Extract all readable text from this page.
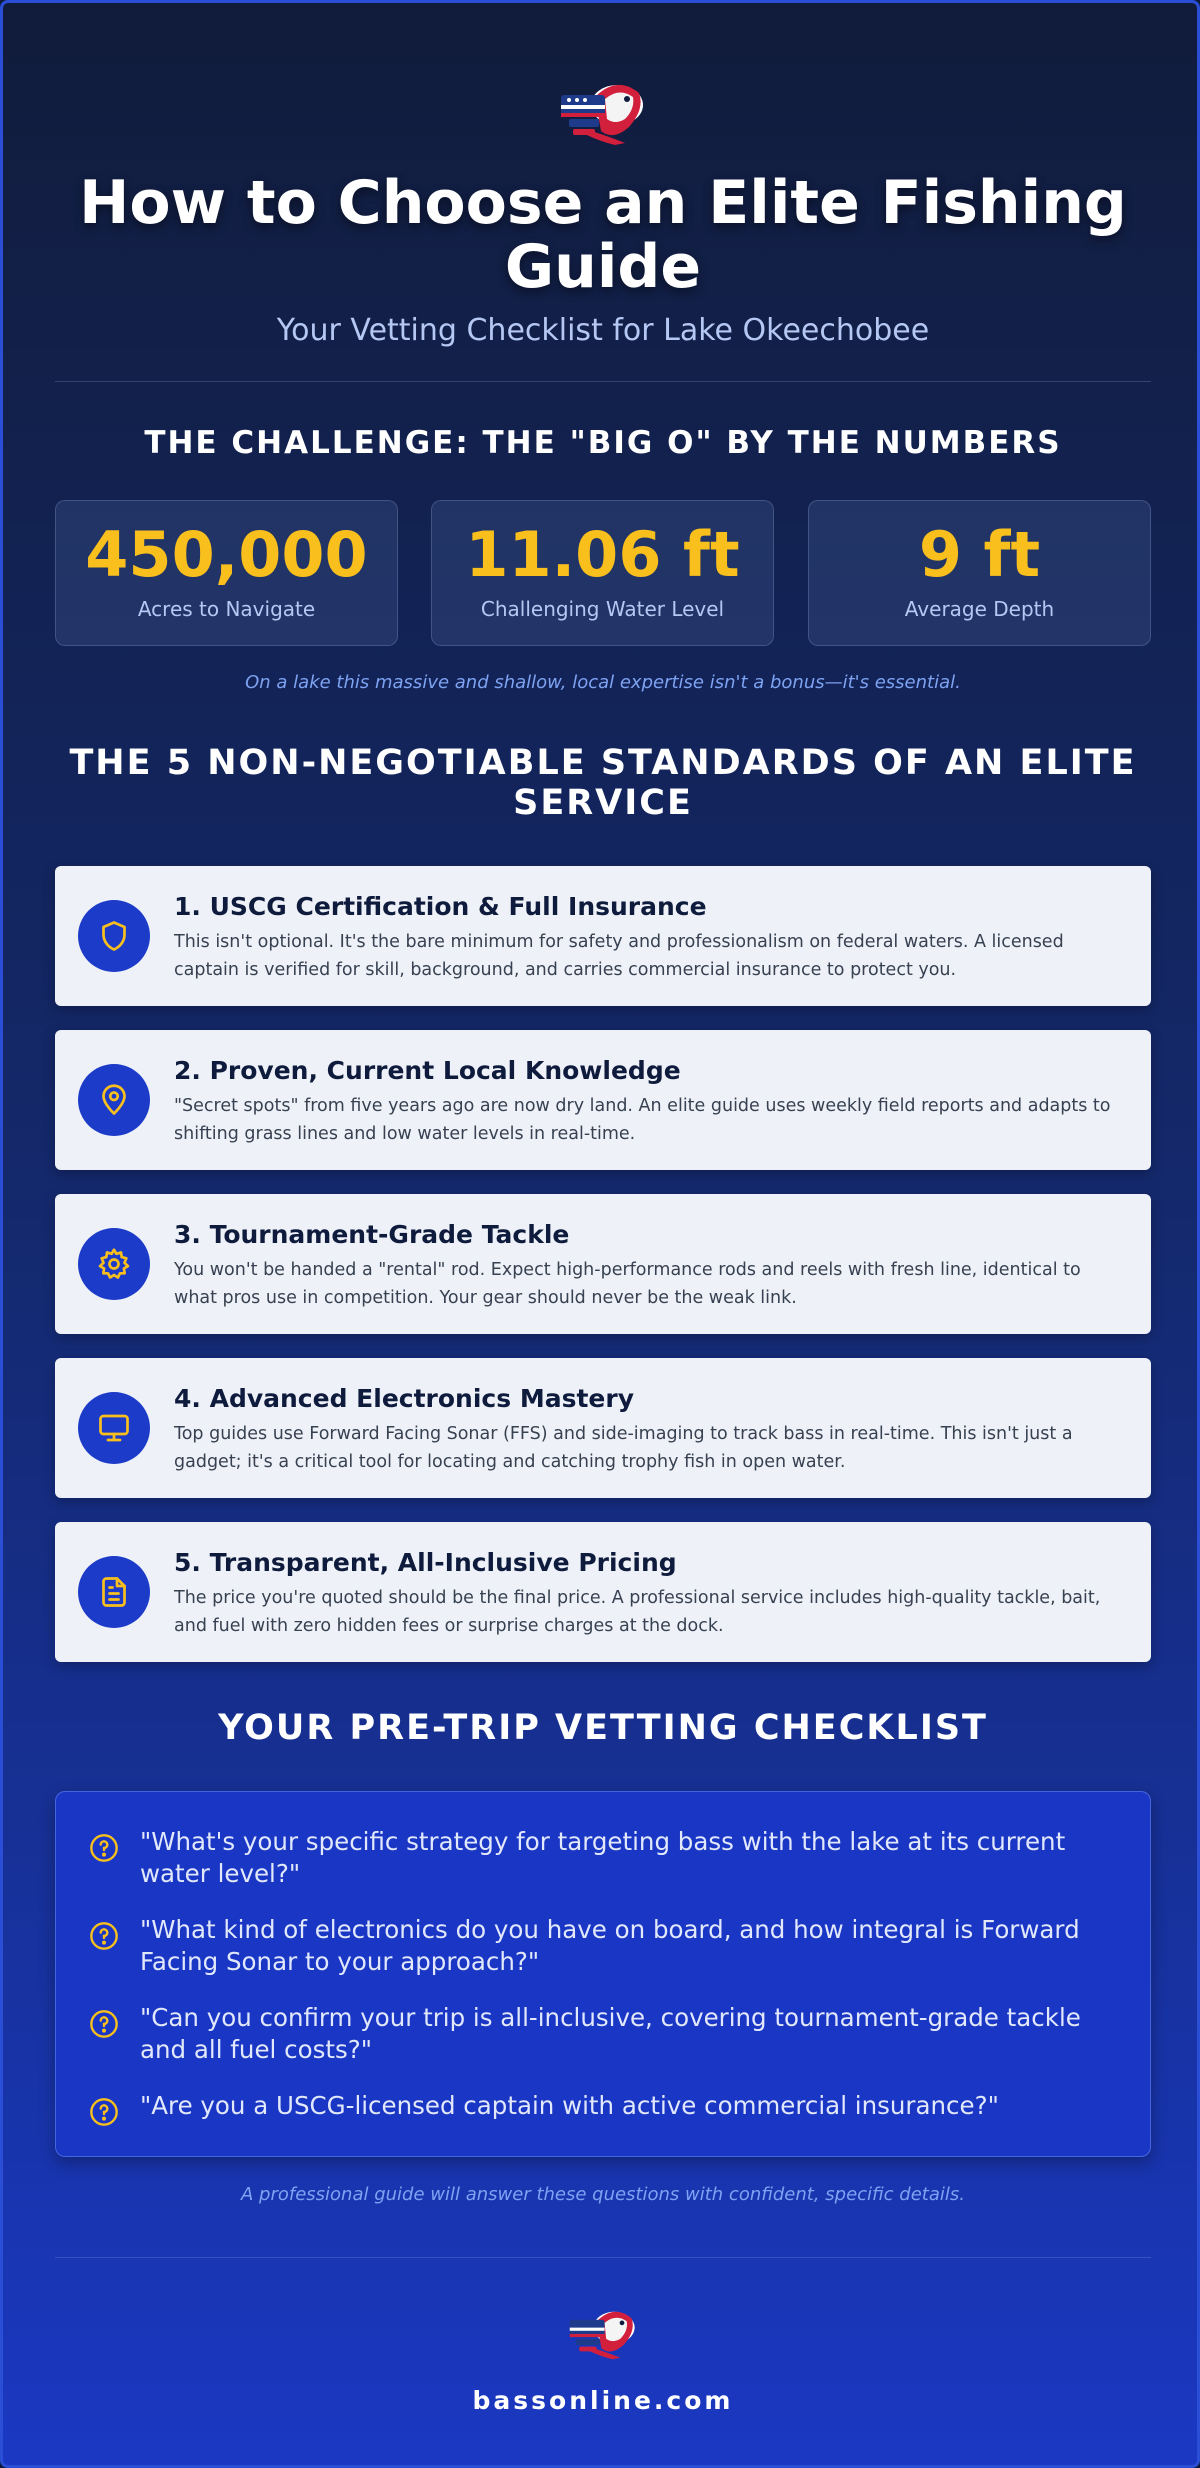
How to Choose an Elite Fishing Guide
Your Vetting Checklist for Lake Okeechobee
THE CHALLENGE: THE "BIG O" BY THE NUMBERS
450,000
Acres to Navigate
11.06 ft
Challenging Water Level
9 ft
Average Depth
On a lake this massive and shallow, local expertise isn't a bonus—it's essential.
THE 5 NON-NEGOTIABLE STANDARDS OF AN ELITE SERVICE
1. USCG Certification & Full Insurance
This isn't optional. It's the bare minimum for safety and professionalism on federal waters. A licensed captain is verified for skill, background, and carries commercial insurance to protect you.
2. Proven, Current Local Knowledge
"Secret spots" from five years ago are now dry land. An elite guide uses weekly field reports and adapts to shifting grass lines and low water levels in real-time.
3. Tournament-Grade Tackle
You won't be handed a "rental" rod. Expect high-performance rods and reels with fresh line, identical to what pros use in competition. Your gear should never be the weak link.
4. Advanced Electronics Mastery
Top guides use Forward Facing Sonar (FFS) and side-imaging to track bass in real-time. This isn't just a gadget; it's a critical tool for locating and catching trophy fish in open water.
5. Transparent, All-Inclusive Pricing
The price you're quoted should be the final price. A professional service includes high-quality tackle, bait, and fuel with zero hidden fees or surprise charges at the dock.
YOUR PRE-TRIP VETTING CHECKLIST
"What's your specific strategy for targeting bass with the lake at its current water level?"
"What kind of electronics do you have on board, and how integral is Forward Facing Sonar to your approach?"
"Can you confirm your trip is all-inclusive, covering tournament-grade tackle and all fuel costs?"
"Are you a USCG-licensed captain with active commercial insurance?"
A professional guide will answer these questions with confident, specific details.
bassonline.com
